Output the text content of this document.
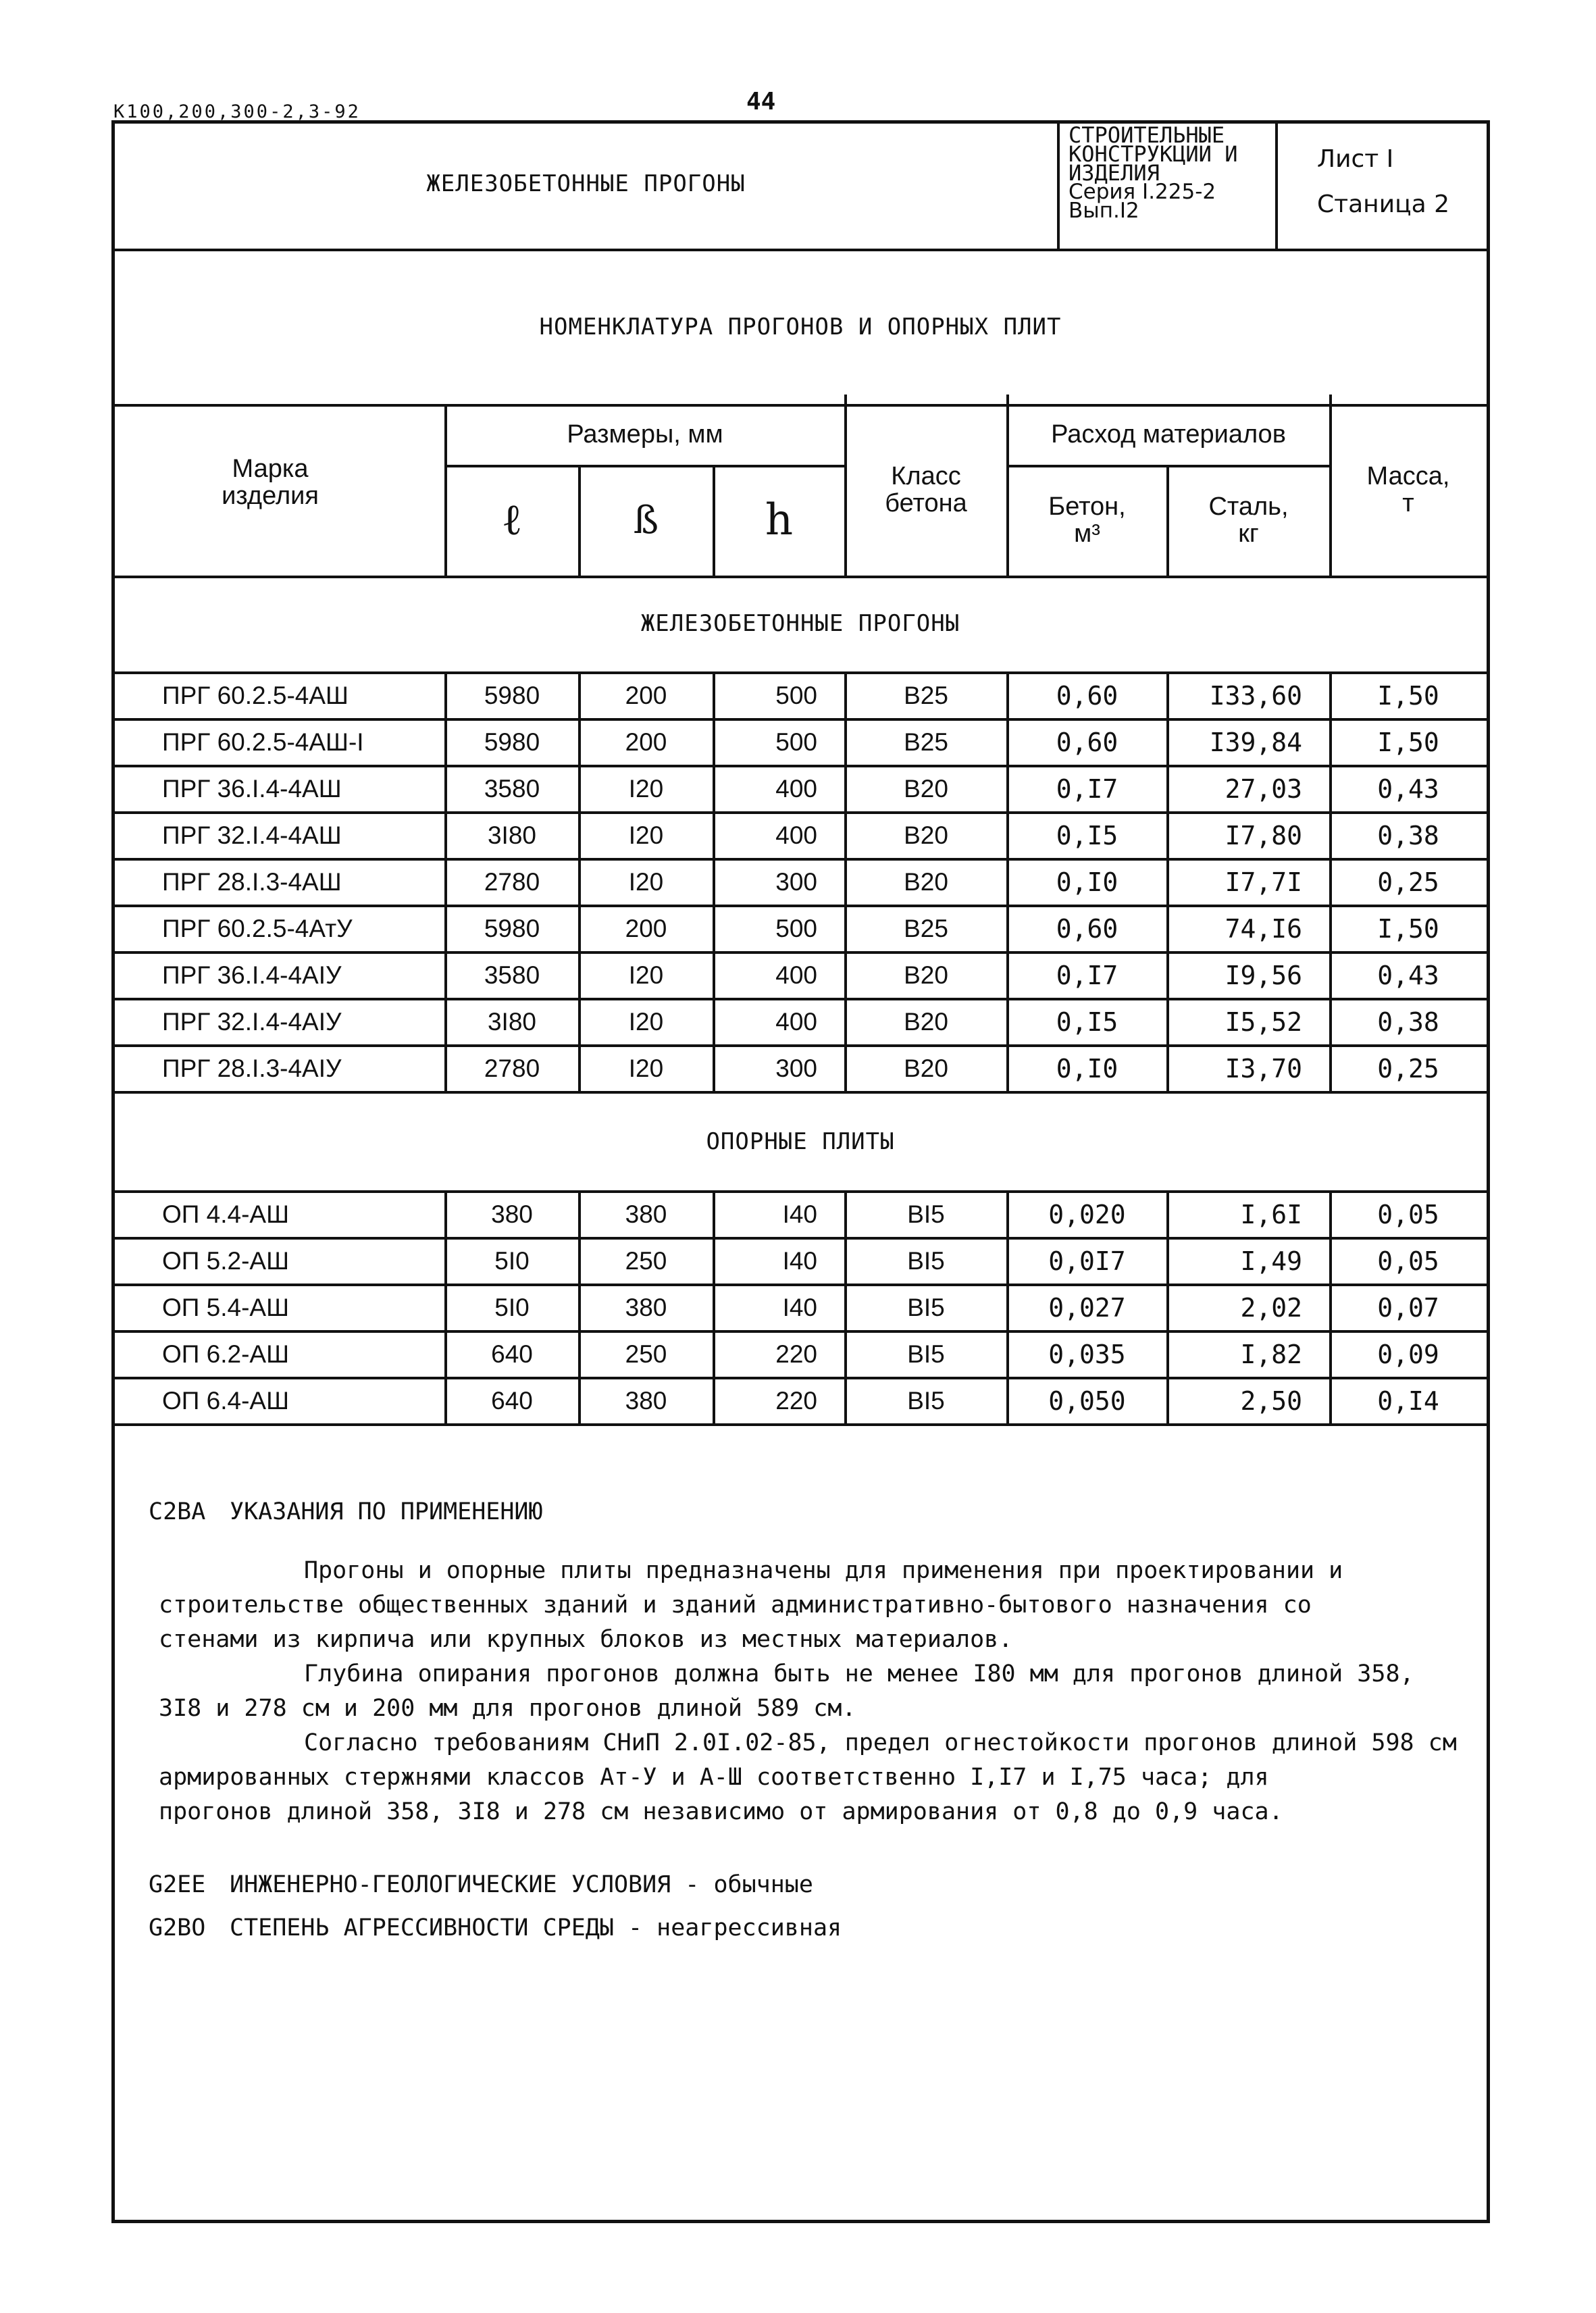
К100,200,300-2,3-92	44
ЖЕЛЕЗОБЕТОННЫЕ ПРОГОНЫ
СТРОИТЕЛЬНЫЕ
КОНСТРУКЦИИ И
ИЗДЕЛИЯ
Серия I.225-2
Вып.I2
Лист I
Станица 2
НОМЕНКЛАТУРА ПРОГОНОВ И ОПОРНЫХ ПЛИТ
Марка
изделия
Размеры, мм
ℓ	ß	h
Класс
бетона
Расход материалов
Бетон,
м³
Сталь,
кг
Масса,
т
ЖЕЛЕЗОБЕТОННЫЕ ПРОГОНЫ
ПРГ 60.2.5-4АШ	5980	200	500	В25	0,60	I33,60	I,50
ПРГ 60.2.5-4АШ-I	5980	200	500	В25	0,60	I39,84	I,50
ПРГ 36.I.4-4АШ	3580	I20	400	В20	0,I7	27,03	0,43
ПРГ 32.I.4-4АШ	3I80	I20	400	В20	0,I5	I7,80	0,38
ПРГ 28.I.3-4АШ	2780	I20	300	В20	0,I0	I7,7I	0,25
ПРГ 60.2.5-4АтУ	5980	200	500	В25	0,60	74,I6	I,50
ПРГ 36.I.4-4АIУ	3580	I20	400	В20	0,I7	I9,56	0,43
ПРГ 32.I.4-4АIУ	3I80	I20	400	В20	0,I5	I5,52	0,38
ПРГ 28.I.3-4АIУ	2780	I20	300	В20	0,I0	I3,70	0,25
ОПОРНЫЕ ПЛИТЫ
ОП 4.4-АШ	380	380	I40	ВI5	0,020	I,6I	0,05
ОП 5.2-АШ	5I0	250	I40	ВI5	0,0I7	I,49	0,05
ОП 5.4-АШ	5I0	380	I40	ВI5	0,027	2,02	0,07
ОП 6.2-АШ	640	250	220	ВI5	0,035	I,82	0,09
ОП 6.4-АШ	640	380	220	ВI5	0,050	2,50	0,I4
C2BA УКАЗАНИЯ ПО ПРИМЕНЕНИЮ

Прогоны и опорные плиты предназначены для применения при проектировании и

строительстве общественных зданий и зданий административно-бытового назначения со

стенами из кирпича или крупных блоков из местных материалов.

Глубина опирания прогонов должна быть не менее I80 мм для прогонов длиной 358,

3I8 и 278 см и 200 мм для прогонов длиной 589 см.

Согласно требованиям СНиП 2.0I.02-85, предел огнестойкости прогонов длиной 598 см

армированных стержнями классов Ат-У и А-Ш соответственно I,I7 и I,75 часа; для

прогонов длиной 358, 3I8 и 278 см независимо от армирования от 0,8 до 0,9 часа.

G2EE ИНЖЕНЕРНО-ГЕОЛОГИЧЕСКИЕ УСЛОВИЯ - обычные
G2BO СТЕПЕНЬ АГРЕССИВНОСТИ СРЕДЫ - неагрессивная
